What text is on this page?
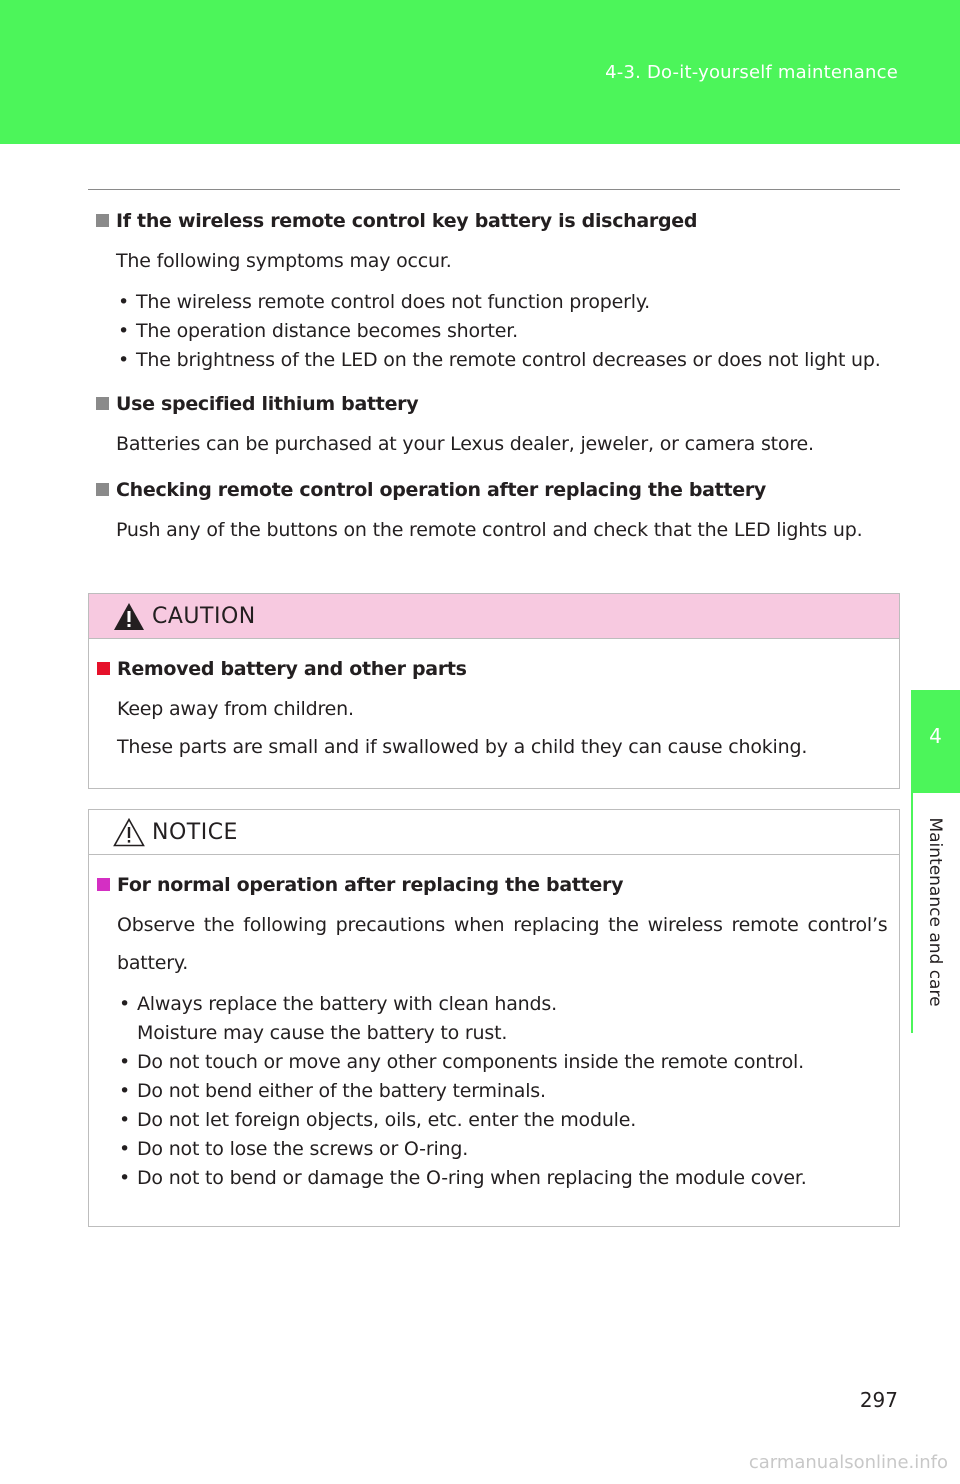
4-3. Do-it-yourself maintenance
4
Maintenance and care
If the wireless remote control key battery is discharged
The following symptoms may occur.
• The wireless remote control does not function properly.
• The operation distance becomes shorter.
• The brightness of the LED on the remote control decreases or does not light up.
Use specified lithium battery
Batteries can be purchased at your Lexus dealer, jeweler, or camera store.
Checking remote control operation after replacing the battery
Push any of the buttons on the remote control and check that the LED lights up.
CAUTION
Removed battery and other parts
Keep away from children.
These parts are small and if swallowed by a child they can cause choking.
NOTICE
For normal operation after replacing the battery
Observe the following precautions when replacing the wireless remote control’s
battery.
• Always replace the battery with clean hands.
Moisture may cause the battery to rust.
• Do not touch or move any other components inside the remote control.
• Do not bend either of the battery terminals.
• Do not let foreign objects, oils, etc. enter the module.
• Do not to lose the screws or O-ring.
• Do not to bend or damage the O-ring when replacing the module cover.
297
carmanualsonline.info
